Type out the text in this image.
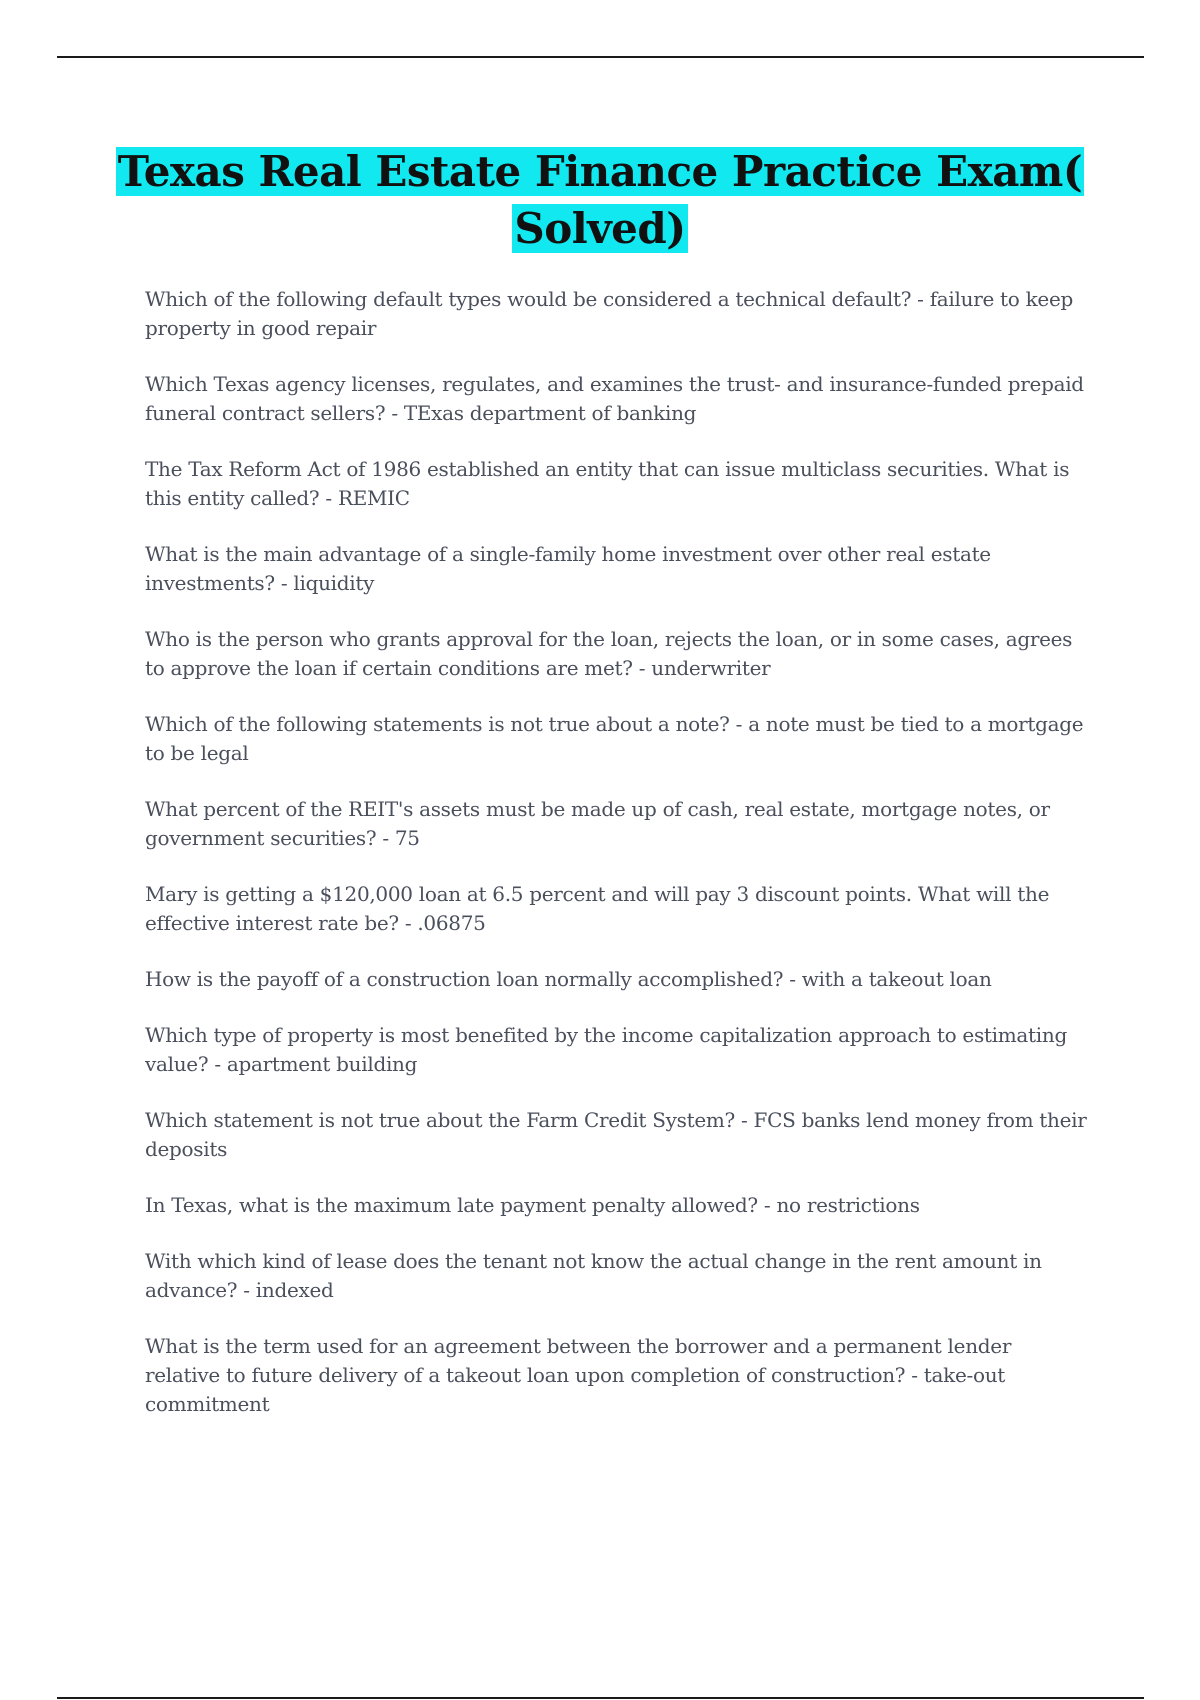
Texas Real Estate Finance Practice Exam( Solved)
Which of the following default types would be considered a technical default? - failure to keep property in good repair
Which Texas agency licenses, regulates, and examines the trust- and insurance-funded prepaid funeral contract sellers? - TExas department of banking
The Tax Reform Act of 1986 established an entity that can issue multiclass securities. What is this entity called? - REMIC
What is the main advantage of a single-family home investment over other real estate investments? - liquidity
Who is the person who grants approval for the loan, rejects the loan, or in some cases, agrees to approve the loan if certain conditions are met? - underwriter
Which of the following statements is not true about a note? - a note must be tied to a mortgage to be legal
What percent of the REIT's assets must be made up of cash, real estate, mortgage notes, or government securities? - 75
Mary is getting a $120,000 loan at 6.5 percent and will pay 3 discount points. What will the effective interest rate be? - .06875
How is the payoff of a construction loan normally accomplished? - with a takeout loan
Which type of property is most benefited by the income capitalization approach to estimating value? - apartment building
Which statement is not true about the Farm Credit System? - FCS banks lend money from their deposits
In Texas, what is the maximum late payment penalty allowed? - no restrictions
With which kind of lease does the tenant not know the actual change in the rent amount in advance? - indexed
What is the term used for an agreement between the borrower and a permanent lender relative to future delivery of a takeout loan upon completion of construction? - take-out commitment
